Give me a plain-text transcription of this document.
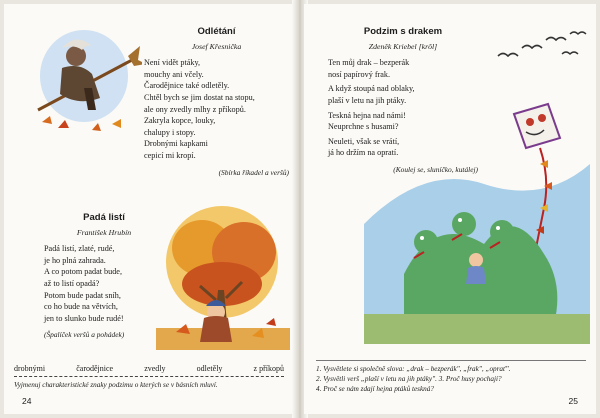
Odlétání
Josef Křesnička
Není vidět ptáky,
mouchy ani včely.
Čarodějnice také odletěly.
Chtěl bych se jim dostat na stopu,
ale ony zvedly mlhy z příkopů.
Zakryla kopce, louky,
chalupy i stopy.
Drobnými kapkami
cepicí mi kropí.
(Sbírka říkadel a veršů)
Padá listí
František Hrubín
Padá listí, zlaté, rudé,
je ho plná zahrada.
A co potom padat bude,
až to listí opadá?
Potom bude padat sníh,
co ho bude na větvích,
jen to slunko bude rudé!
(Špalíček veršů a pohádek)
drobnými	čarodějnice	zvedly	odletěly	z příkopů
Vyjmenuj charakteristické znaky podzimu o kterých se v básních mluví.
24
Podzim s drakem
Zdeněk Kriebel [krôl]
Ten můj drak – bezperák
nosí papírový frak.
A když stoupá nad oblaky,
plaší v letu na jih ptáky.
Teskná hejna nad námi!
Neuprchne s husami?
Neuleti, však se vrátí,
já ho držím na opratí.
(Koulej se, sluníčko, kutálej)
1. Vysvětlete si společně slova: „drak – bezperák", „frak", „oprať".
2. Vysvětli verš „plaší v letu na jih ptáky". 3. Proč husy pochají?
4. Proč se nám zdají hejna ptáků teskná?
25
